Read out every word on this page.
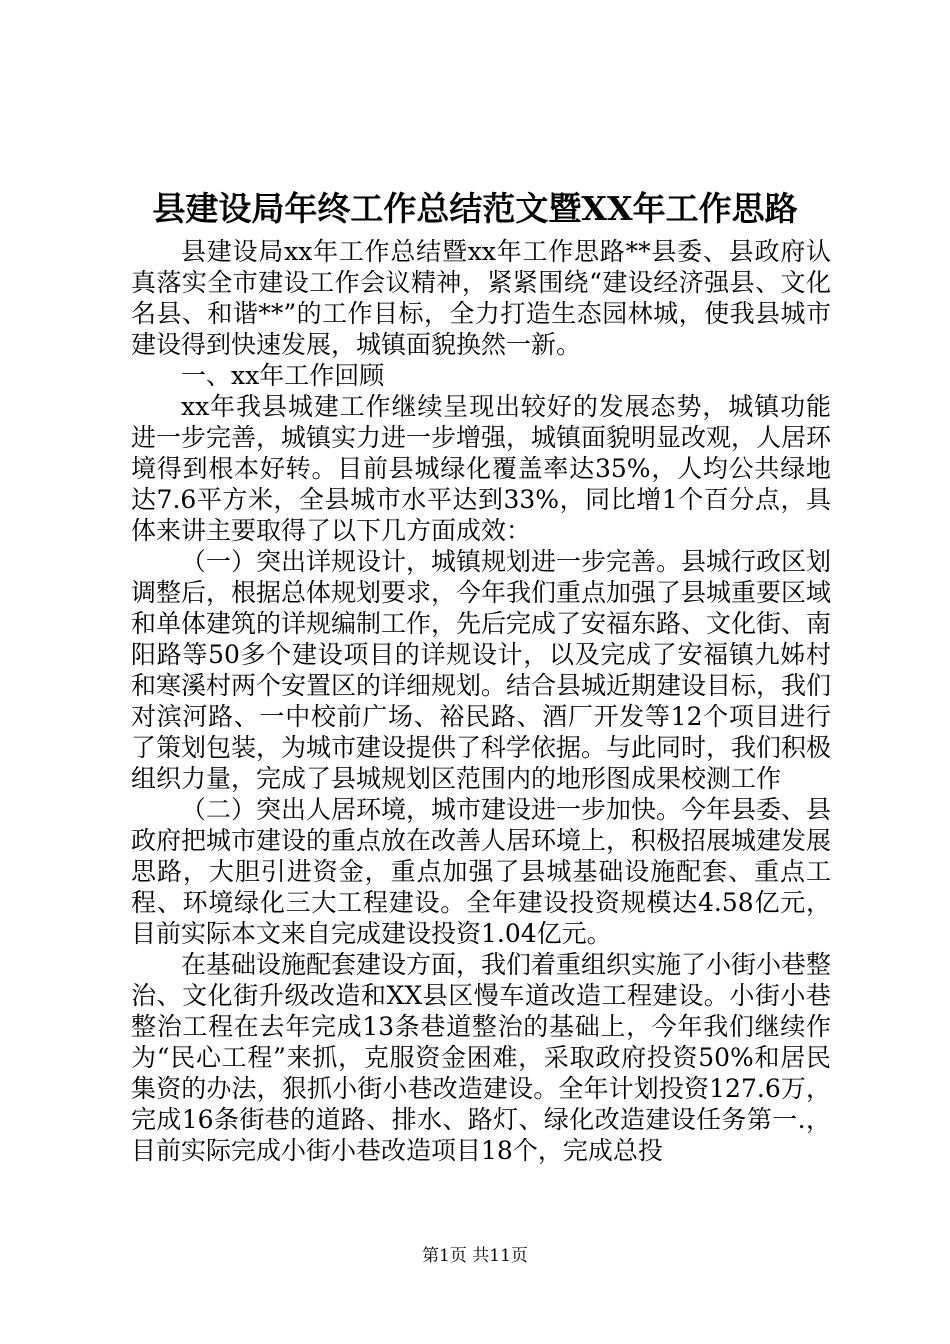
县建设局年终工作总结范文暨XX年工作思路

县建设局xx年工作总结暨xx年工作思路**县委、县政府认真落实全市建设工作会议精神，紧紧围绕“建设经济强县、文化名县、和谐**”的工作目标，全力打造生态园林城，使我县城市建设得到快速发展，城镇面貌换然一新。

一、xx年工作回顾

xx年我县城建工作继续呈现出较好的发展态势，城镇功能进一步完善，城镇实力进一步增强，城镇面貌明显改观，人居环境得到根本好转。目前县城绿化覆盖率达35%，人均公共绿地达7.6平方米，全县城市水平达到33%，同比增1个百分点，具体来讲主要取得了以下几方面成效：

（一）突出详规设计，城镇规划进一步完善。县城行政区划调整后，根据总体规划要求，今年我们重点加强了县城重要区域和单体建筑的详规编制工作，先后完成了安福东路、文化街、南阳路等50多个建设项目的详规设计，以及完成了安福镇九姊村和寒溪村两个安置区的详细规划。结合县城近期建设目标，我们对滨河路、一中校前广场、裕民路、酒厂开发等12个项目进行了策划包装，为城市建设提供了科学依据。与此同时，我们积极组织力量，完成了县城规划区范围内的地形图成果校测工作

（二）突出人居环境，城市建设进一步加快。今年县委、县政府把城市建设的重点放在改善人居环境上，积极招展城建发展思路，大胆引进资金，重点加强了县城基础设施配套、重点工程、环境绿化三大工程建设。全年建设投资规模达4.58亿元，目前实际本文来自完成建设投资1.04亿元。

在基础设施配套建设方面，我们着重组织实施了小街小巷整治、文化街升级改造和XX县区慢车道改造工程建设。小街小巷整治工程在去年完成13条巷道整治的基础上，今年我们继续作为“民心工程”来抓，克服资金困难，采取政府投资50%和居民集资的办法，狠抓小街小巷改造建设。全年计划投资127.6万，完成16条街巷的道路、排水、路灯、绿化改造建设任务第一.，目前实际完成小街小巷改造项目18个，完成总投

第1页 共11页
